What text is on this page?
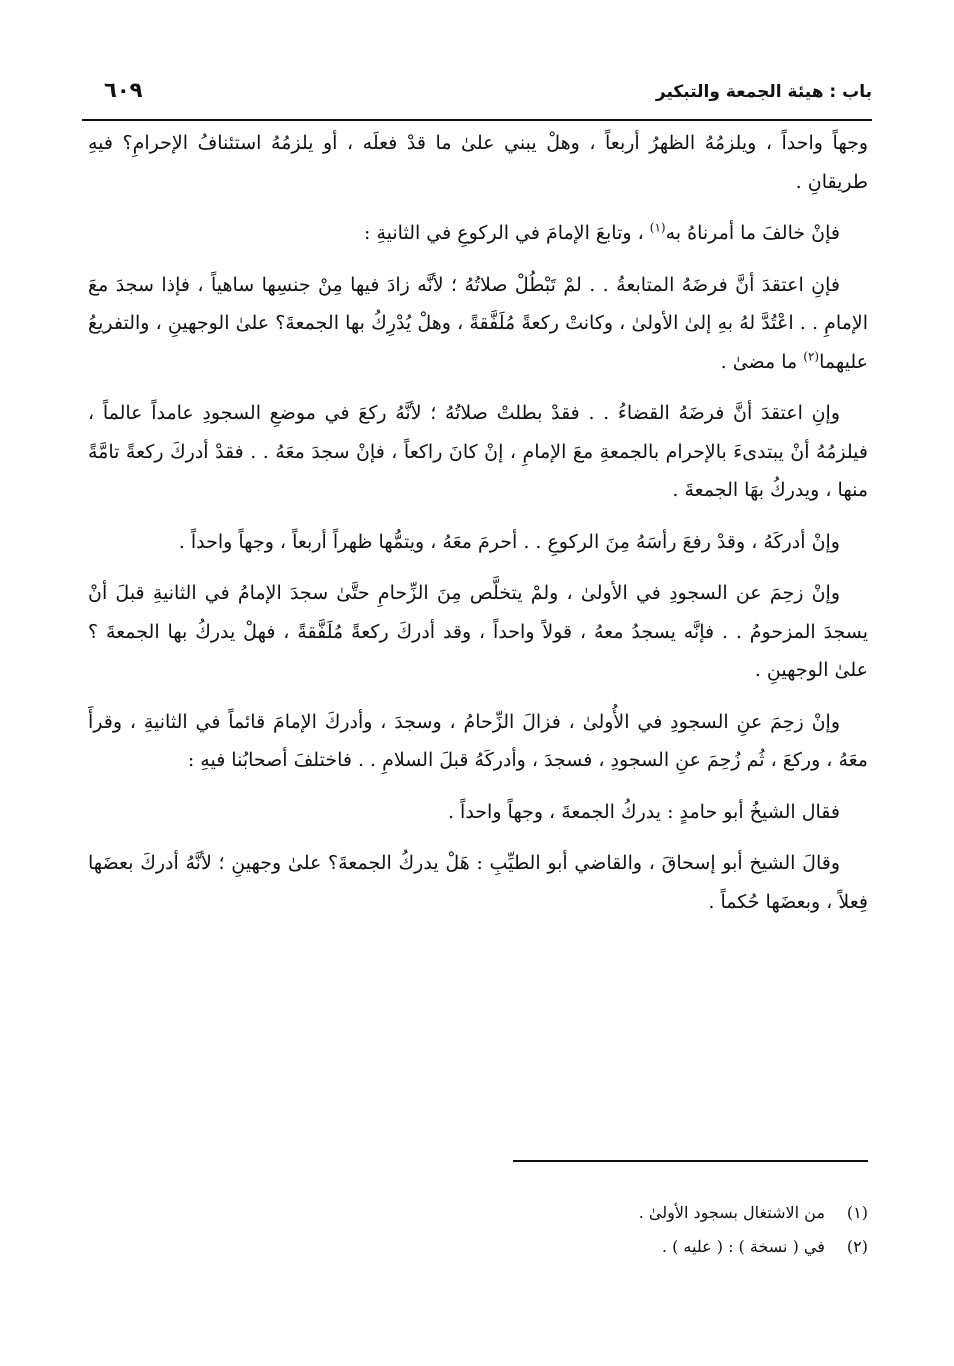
باب : هيئة الجمعة والتبكير
٦٠٩

وجهاً واحداً ، ويلزمُهُ الظهرُ أربعاً ، وهلْ يبني علىٰ ما قدْ فعلَه ، أو يلزمُهُ استئنافُ الإحرامِ؟ فيهِ طريقانِ .

فإنْ خالفَ ما أمرناهُ به$^{(١)}$ ، وتابعَ الإمامَ في الركوعِ في الثانيةِ :

فإنِ اعتقدَ أنَّ فرضَهُ المتابعةُ . . لمْ تَبْطُلْ صلاتُهُ ؛ لأنَّه زادَ فيها مِنْ جنسِها ساهياً ، فإذا سجدَ معَ الإمامِ . . اعْتُدَّ لهُ بهِ إلىٰ الأولىٰ ، وكانتْ ركعةً مُلَفَّقةً ، وهلْ يُدْرِكُ بها الجمعةَ؟ علىٰ الوجهينِ ، والتفريعُ عليهما$^{(٢)}$ ما مضىٰ .

وإنِ اعتقدَ أنَّ فرضَهُ القضاءُ . . فقدْ بطلتْ صلاتُهُ ؛ لأنَّهُ ركعَ في موضعِ السجودِ عامداً عالماً ، فيلزمُهُ أنْ يبتدىءَ بالإحرام بالجمعةِ معَ الإمامِ ، إنْ كانَ راكعاً ، فإنْ سجدَ معَهُ . . فقدْ أدركَ ركعةً تامَّةً منها ، ويدركُ بهَا الجمعةَ .

وإنْ أدركَهُ ، وقدْ رفعَ رأسَهُ مِنَ الركوعِ . . أحرمَ معَهُ ، ويتمُّها ظهراً أربعاً ، وجهاً واحداً .

وإنْ زحِمَ عن السجودِ في الأولىٰ ، ولمْ يتخلَّص مِنَ الزِّحامِ حتَّىٰ سجدَ الإمامُ في الثانيةِ قبلَ أنْ يسجدَ المزحومُ . . فإنَّه يسجدُ معهُ ، قولاً واحداً ، وقد أدركَ ركعةً مُلَفَّقةً ، فهلْ يدركُ بها الجمعةَ ؟ علىٰ الوجهينِ .

وإنْ زحِمَ عنِ السجودِ في الأُولىٰ ، فزالَ الزِّحامُ ، وسجدَ ، وأدركَ الإمامَ قائماً في الثانيةِ ، وقرأَ معَهُ ، وركعَ ، ثُم زُحِمَ عنِ السجودِ ، فسجدَ ، وأدركَهُ قبلَ السلامِ . . فاختلفَ أصحابُنا فيهِ :

فقال الشيخُ أبو حامدٍ : يدركُ الجمعةَ ، وجهاً واحداً .

وقالَ الشيخ أبو إسحاقَ ، والقاضي أبو الطيِّبِ : هَلْ يدركُ الجمعةَ؟ علىٰ وجهينِ ؛ لأنَّهُ أدركَ بعضَها فِعلاً ، وبعضَها حُكماً .

(١) من الاشتغال بسجود الأولىٰ .
(٢) في ( نسخة ) : ( عليه ) .
